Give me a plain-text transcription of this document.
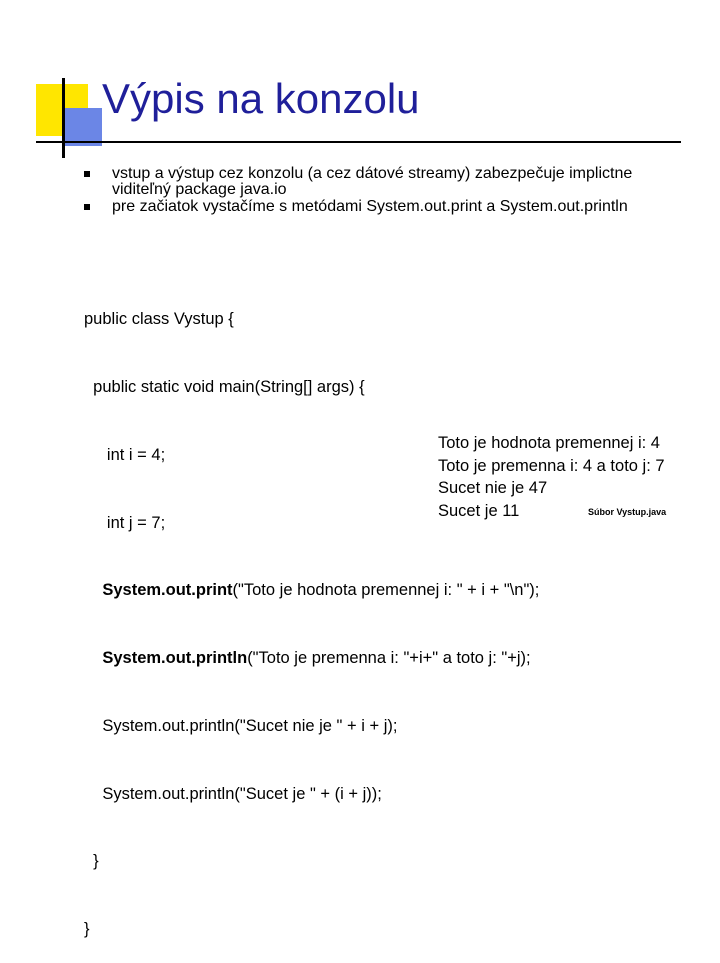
Výpis na konzolu
vstup a výstup cez konzolu (a cez dátové streamy) zabezpečuje implictne viditeľný package java.io
pre začiatok vystačíme s metódami System.out.print a System.out.println

public class Vystup {

public static void main(String[] args) {

int i = 4;

int j = 7;

System.out.print("Toto je hodnota premennej i: " + i + "\n");

System.out.println("Toto je premenna i: "+i+" a toto j: "+j);

System.out.println("Sucet nie je " + i + j);

System.out.println("Sucet je " + (i + j));

}

}

Toto je hodnota premennej i: 4
Toto je premenna i: 4 a toto j: 7
Sucet nie je 47
Sucet je 11	Súbor Vystup.java
